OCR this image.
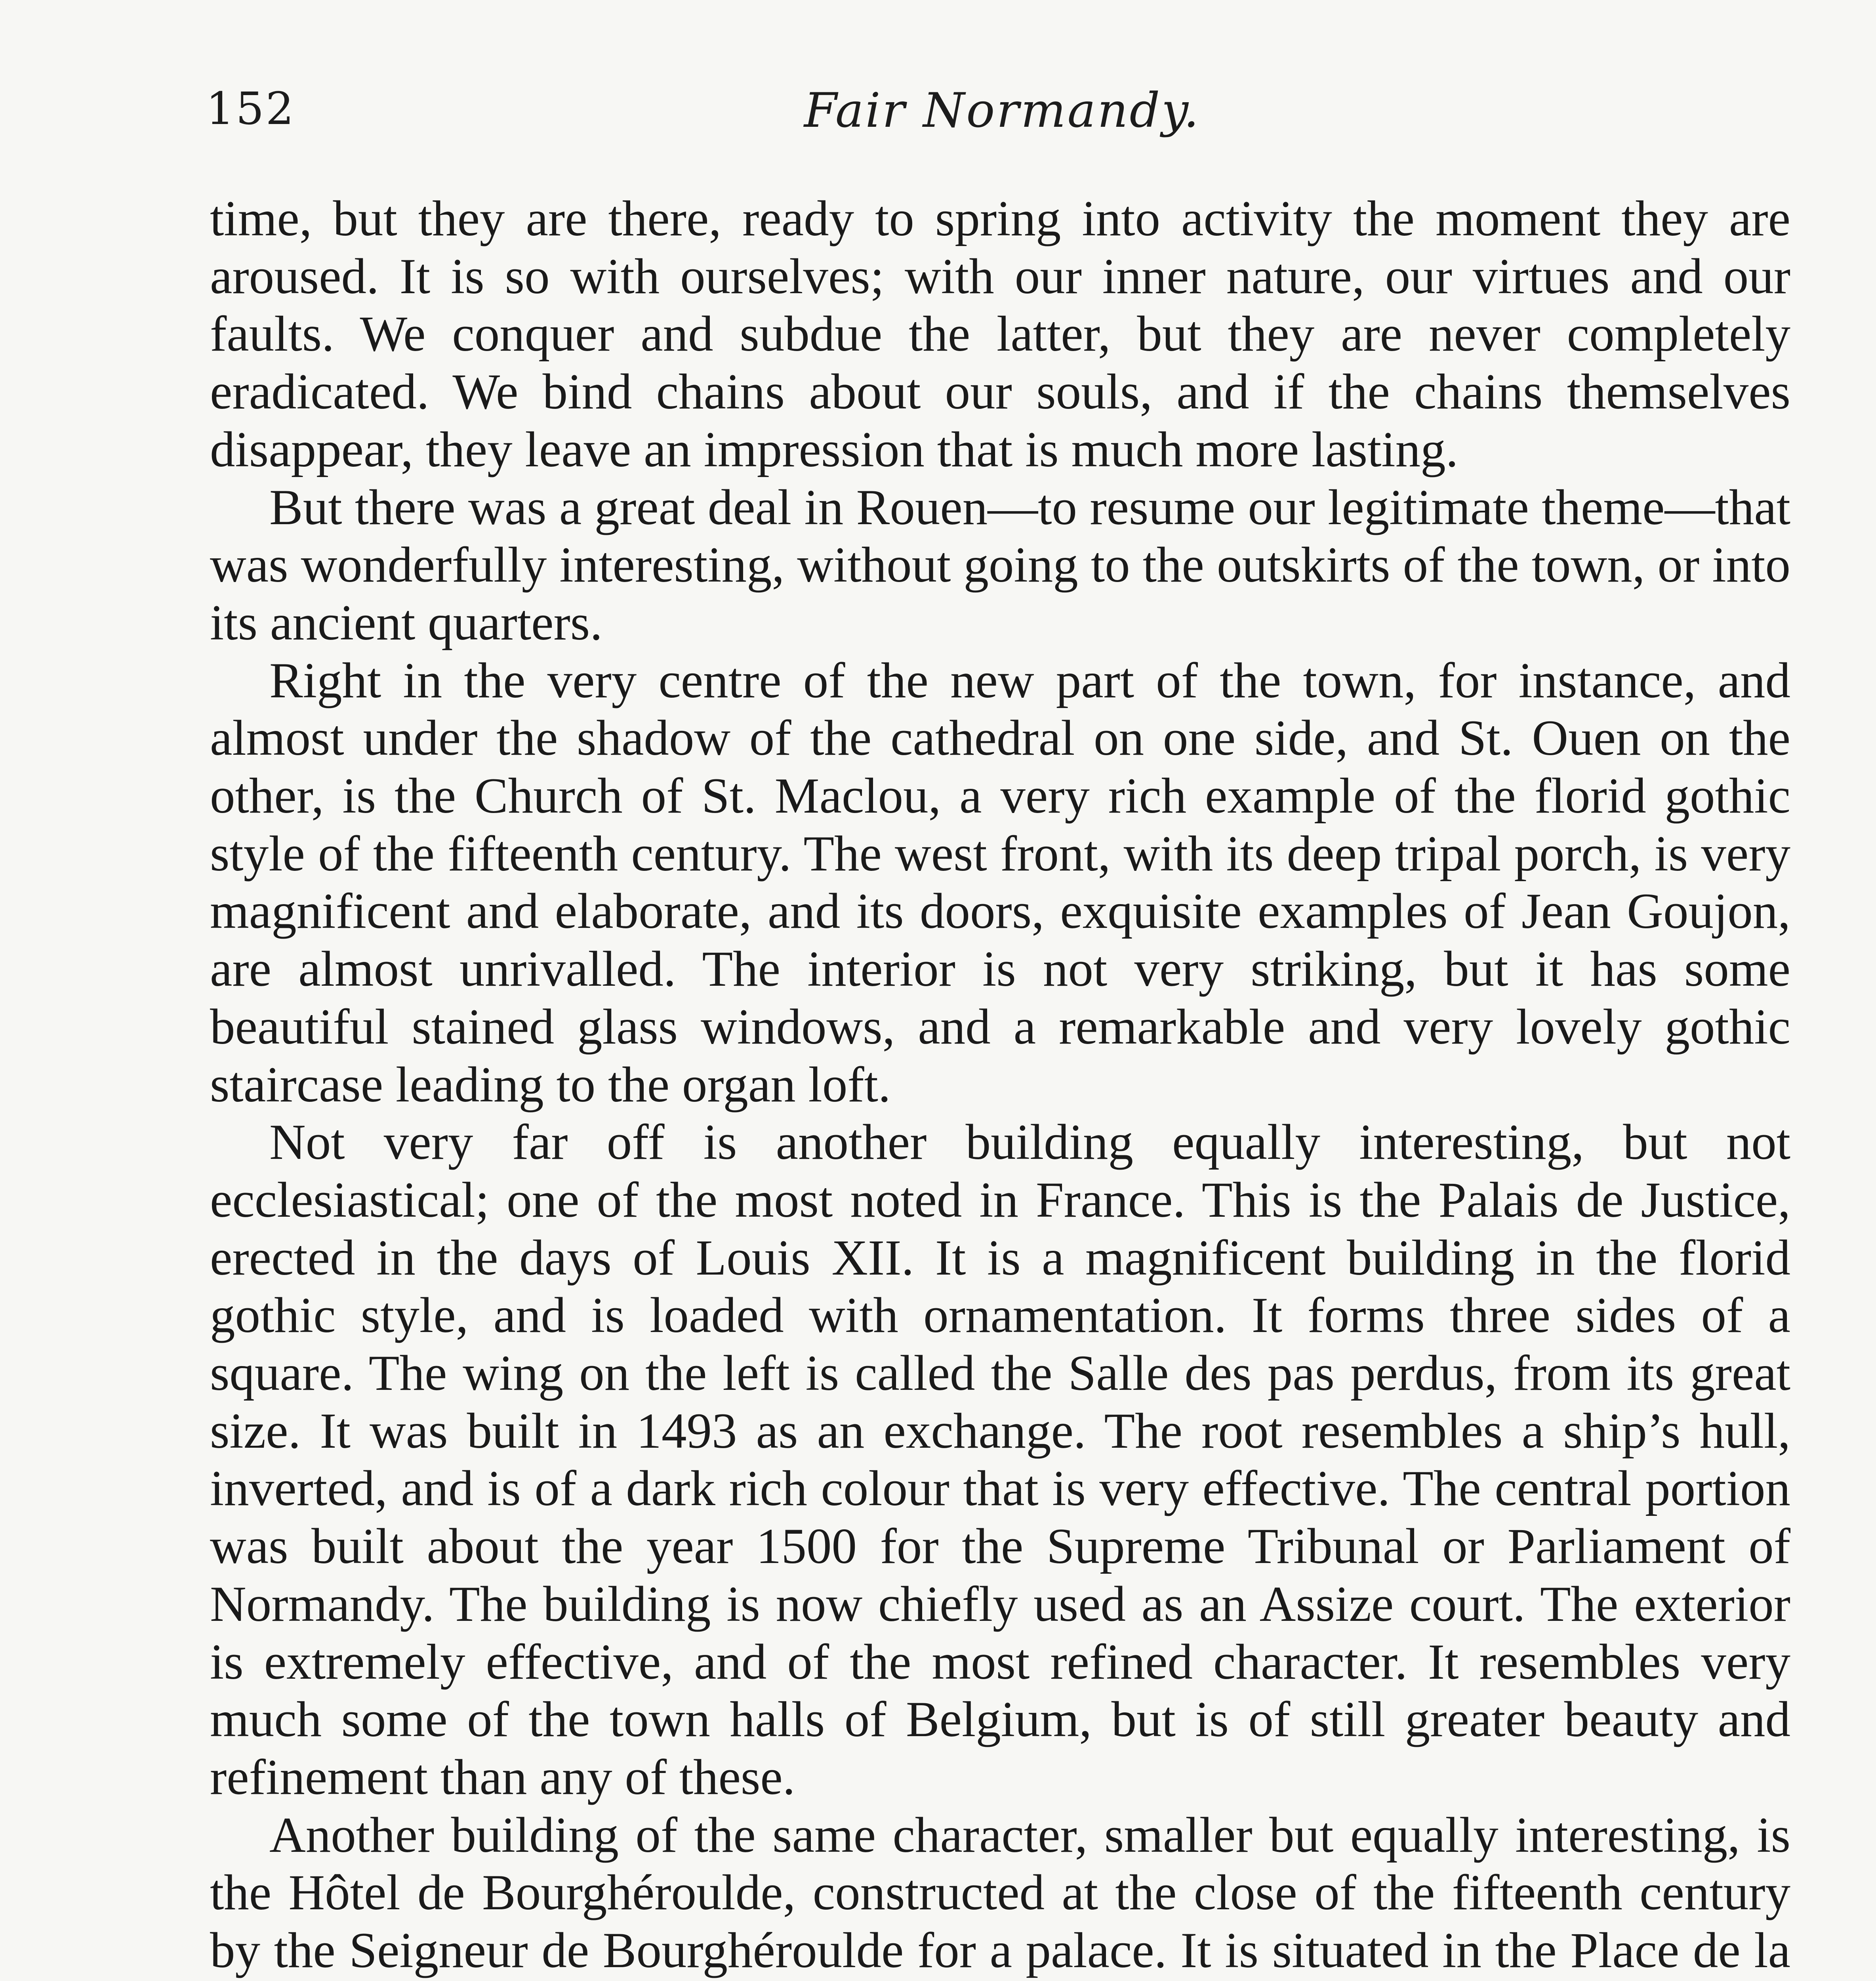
152	Fair Normandy.

time, but they are there, ready to spring into activity the moment they are aroused. It is so with ourselves; with our inner nature, our virtues and our faults. We conquer and subdue the latter, but they are never completely eradicated. We bind chains about our souls, and if the chains themselves disappear, they leave an impression that is much more lasting.

But there was a great deal in Rouen—to resume our legitimate theme—that was wonderfully interesting, without going to the outskirts of the town, or into its ancient quarters.

Right in the very centre of the new part of the town, for instance, and almost under the shadow of the cathedral on one side, and St. Ouen on the other, is the Church of St. Maclou, a very rich example of the florid gothic style of the fifteenth century. The west front, with its deep tripal porch, is very magnificent and elaborate, and its doors, exquisite examples of Jean Goujon, are almost unrivalled. The interior is not very striking, but it has some beautiful stained glass windows, and a remarkable and very lovely gothic staircase leading to the organ loft.

Not very far off is another building equally interesting, but not ecclesiastical; one of the most noted in France. This is the Palais de Justice, erected in the days of Louis XII. It is a magnificent building in the florid gothic style, and is loaded with ornamentation. It forms three sides of a square. The wing on the left is called the Salle des pas perdus, from its great size. It was built in 1493 as an exchange. The root resembles a ship’s hull, inverted, and is of a dark rich colour that is very effective. The central portion was built about the year 1500 for the Supreme Tribunal or Parliament of Normandy. The building is now chiefly used as an Assize court. The exterior is extremely effective, and of the most refined character. It resembles very much some of the town halls of Belgium, but is of still greater beauty and refinement than any of these.

Another building of the same character, smaller but equally interesting, is the Hôtel de Bourghéroulde, constructed at the close of the fifteenth century by the Seigneur de Bourghéroulde for a palace. It is situated in the Place de la
